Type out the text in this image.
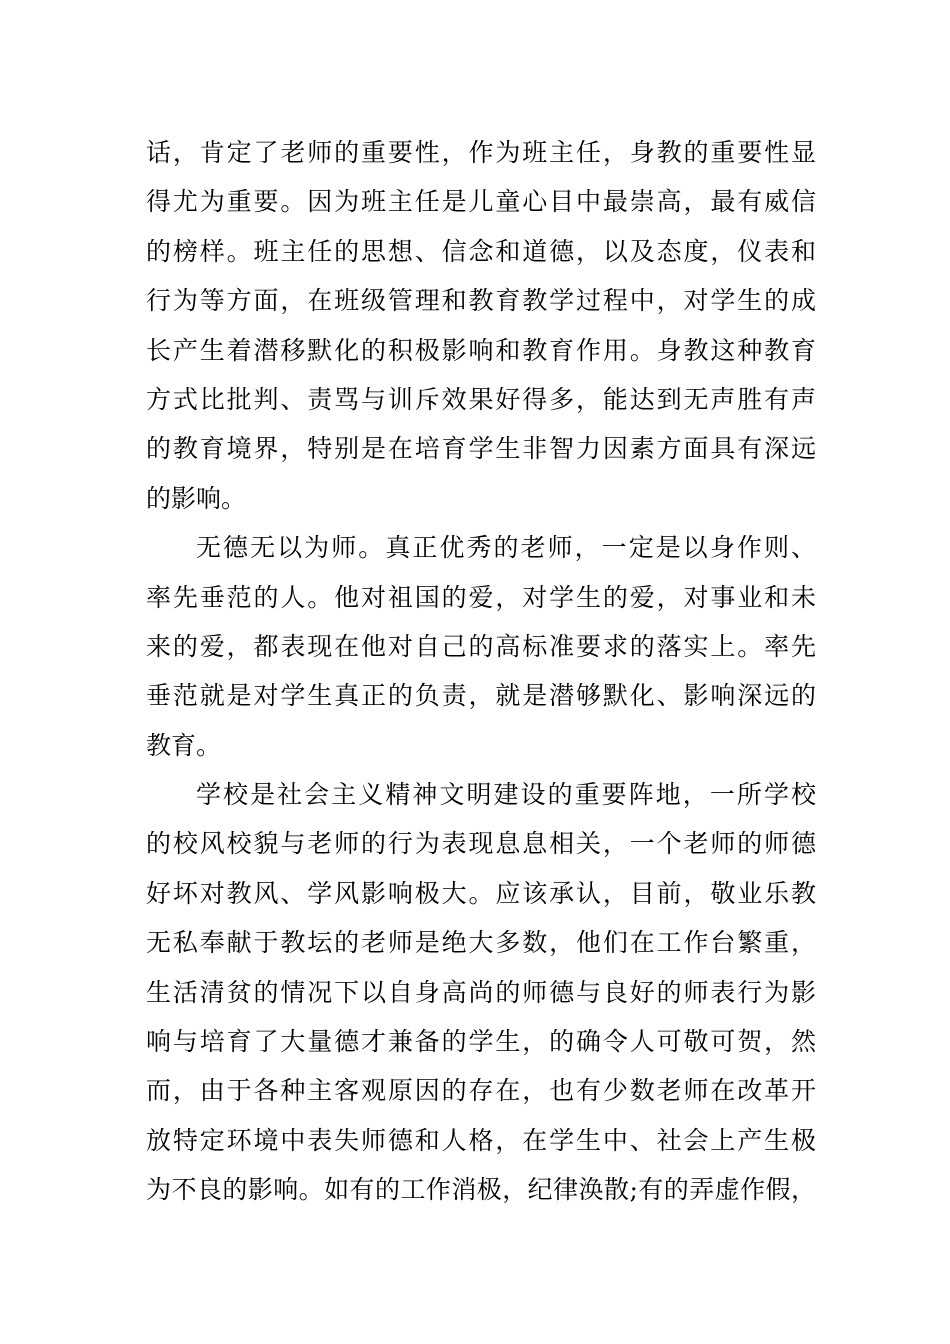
话，肯定了老师的重要性，作为班主任，身教的重要性显
得尤为重要。因为班主任是儿童心目中最崇高，最有威信
的榜样。班主任的思想、信念和道德，以及态度，仪表和
行为等方面，在班级管理和教育教学过程中，对学生的成
长产生着潜移默化的积极影响和教育作用。身教这种教育
方式比批判、责骂与训斥效果好得多，能达到无声胜有声
的教育境界，特别是在培育学生非智力因素方面具有深远
的影响。
无德无以为师。真正优秀的老师，一定是以身作则、
率先垂范的人。他对祖国的爱，对学生的爱，对事业和未
来的爱，都表现在他对自己的高标准要求的落实上。率先
垂范就是对学生真正的负责，就是潜够默化、影响深远的
教育。
学校是社会主义精神文明建设的重要阵地，一所学校
的校风校貌与老师的行为表现息息相关，一个老师的师德
好坏对教风、学风影响极大。应该承认，目前，敬业乐教
无私奉献于教坛的老师是绝大多数，他们在工作台繁重，
生活清贫的情况下以自身高尚的师德与良好的师表行为影
响与培育了大量德才兼备的学生，的确令人可敬可贺，然
而，由于各种主客观原因的存在，也有少数老师在改革开
放特定环境中表失师德和人格，在学生中、社会上产生极
为不良的影响。如有的工作消极，纪律涣散;有的弄虚作假，
